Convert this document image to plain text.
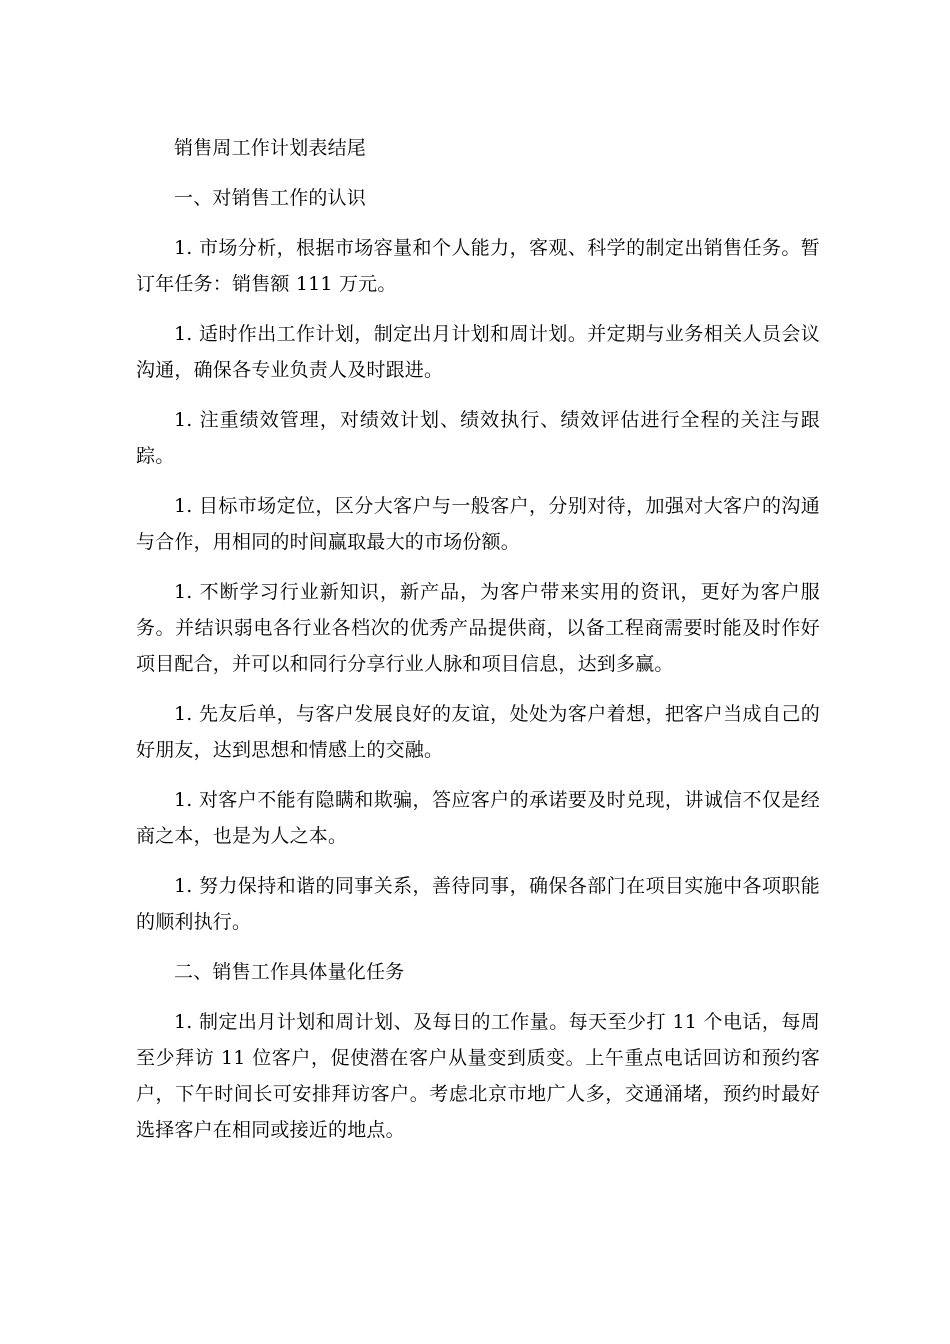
销售周工作计划表结尾

一、对销售工作的认识

1. 市场分析，根据市场容量和个人能力，客观、科学的制定出销售任务。暂订年任务：销售额 111 万元。

1. 适时作出工作计划，制定出月计划和周计划。并定期与业务相关人员会议沟通，确保各专业负责人及时跟进。

1. 注重绩效管理，对绩效计划、绩效执行、绩效评估进行全程的关注与跟踪。

1. 目标市场定位，区分大客户与一般客户，分别对待，加强对大客户的沟通与合作，用相同的时间赢取最大的市场份额。

1. 不断学习行业新知识，新产品，为客户带来实用的资讯，更好为客户服务。并结识弱电各行业各档次的优秀产品提供商，以备工程商需要时能及时作好项目配合，并可以和同行分享行业人脉和项目信息，达到多赢。

1. 先友后单，与客户发展良好的友谊，处处为客户着想，把客户当成自己的好朋友，达到思想和情感上的交融。

1. 对客户不能有隐瞒和欺骗，答应客户的承诺要及时兑现，讲诚信不仅是经商之本，也是为人之本。

1. 努力保持和谐的同事关系，善待同事，确保各部门在项目实施中各项职能的顺利执行。

二、销售工作具体量化任务

1. 制定出月计划和周计划、及每日的工作量。每天至少打 11 个电话，每周至少拜访 11 位客户，促使潜在客户从量变到质变。上午重点电话回访和预约客户，下午时间长可安排拜访客户。考虑北京市地广人多，交通涌堵，预约时最好选择客户在相同或接近的地点。
